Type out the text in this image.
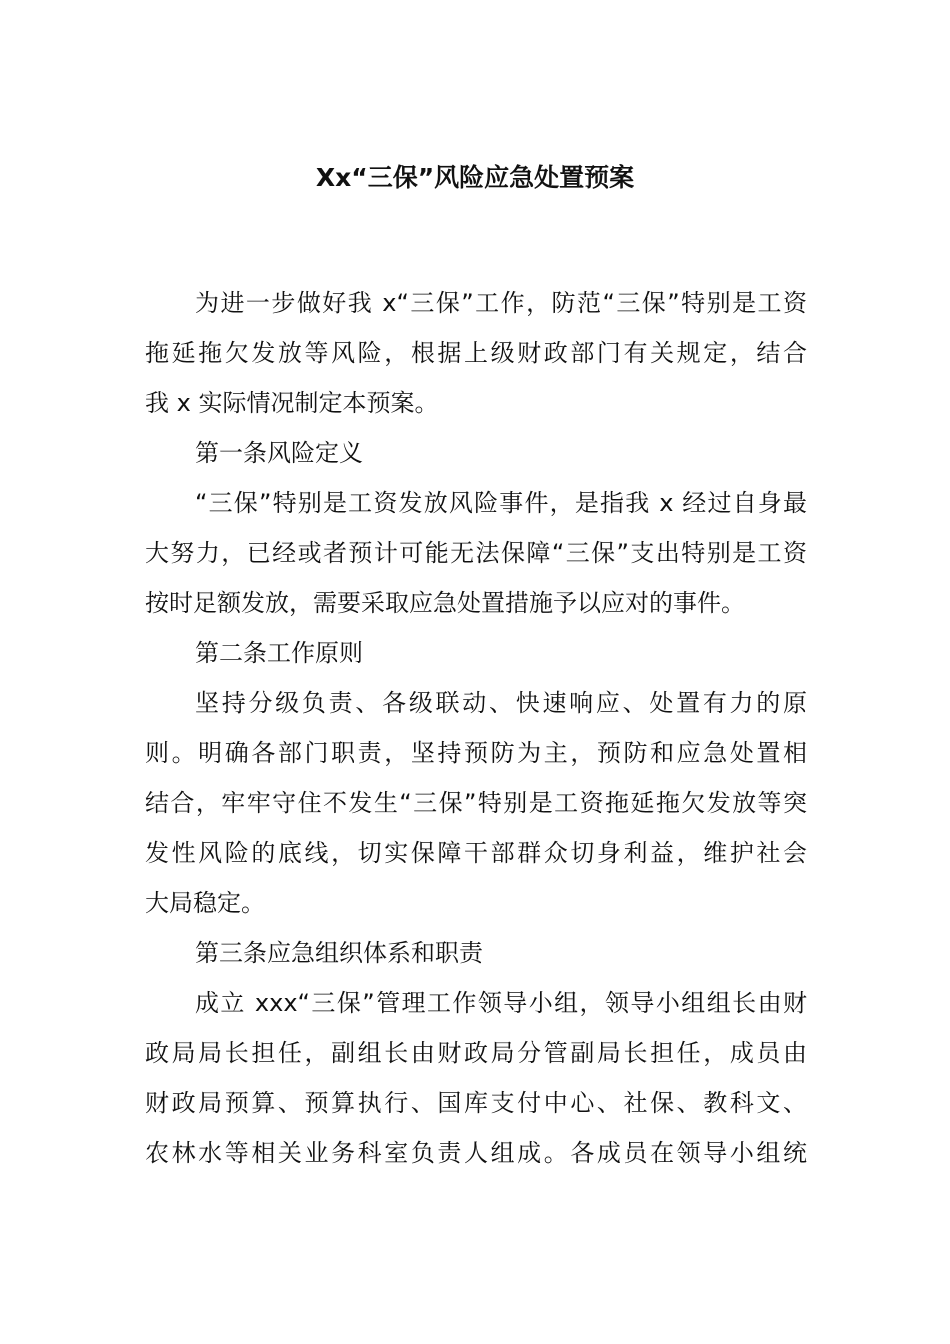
Xx“三保”风险应急处置预案
为进一步做好我 x“三保”工作，防范“三保”特别是工资
拖延拖欠发放等风险，根据上级财政部门有关规定，结合
我 x 实际情况制定本预案。
第一条风险定义
“三保”特别是工资发放风险事件，是指我 x 经过自身最
大努力，已经或者预计可能无法保障“三保”支出特别是工资
按时足额发放，需要采取应急处置措施予以应对的事件。
第二条工作原则
坚持分级负责、各级联动、快速响应、处置有力的原
则。明确各部门职责，坚持预防为主，预防和应急处置相
结合，牢牢守住不发生“三保”特别是工资拖延拖欠发放等突
发性风险的底线，切实保障干部群众切身利益，维护社会
大局稳定。
第三条应急组织体系和职责
成立 xxx“三保”管理工作领导小组，领导小组组长由财
政局局长担任，副组长由财政局分管副局长担任，成员由
财政局预算、预算执行、国库支付中心、社保、教科文、
农林水等相关业务科室负责人组成。各成员在领导小组统
